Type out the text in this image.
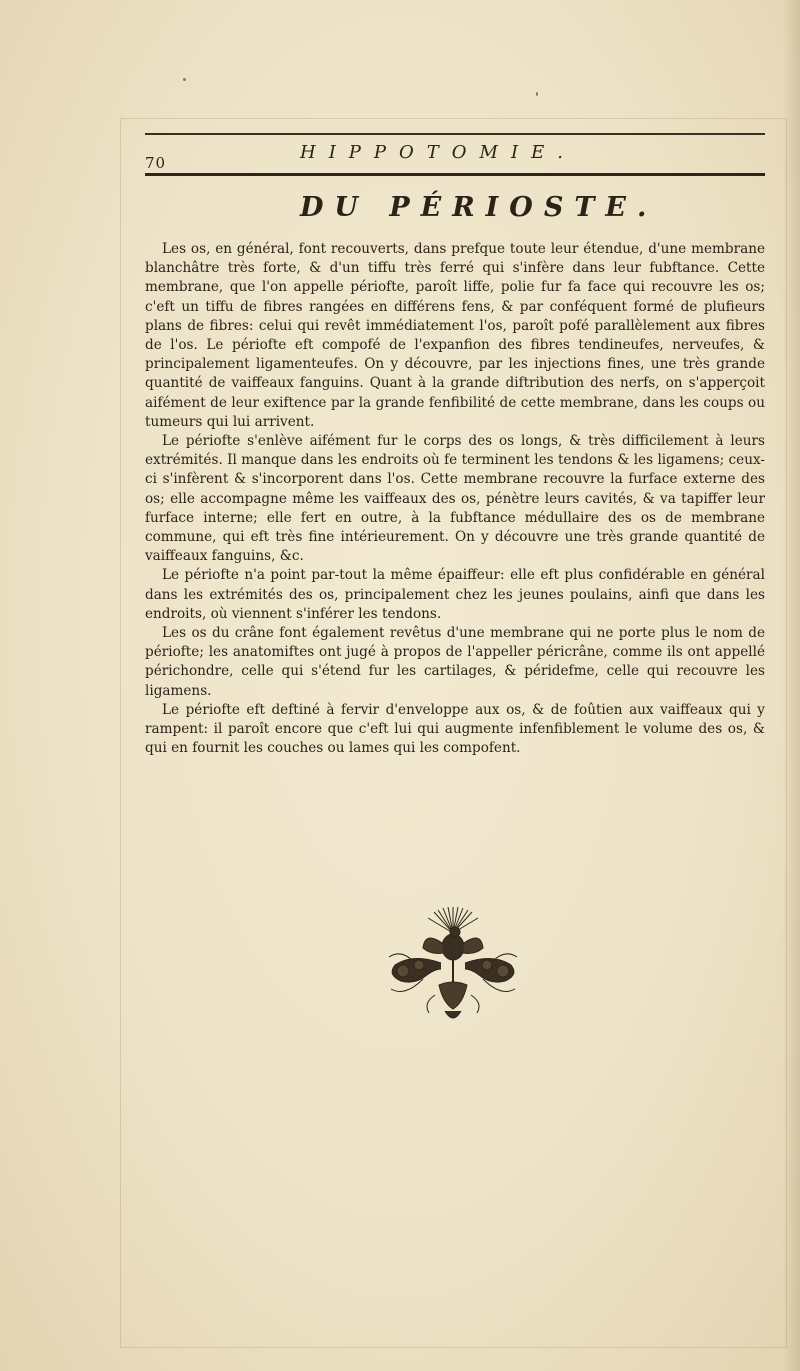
70	HIPPOTOMIE.
DU PÉRIOSTE.

Les os, en général, font recouverts, dans prefque toute leur étendue, d'une membrane blanchâtre très forte, & d'un tiffu très ferré qui s'infère dans leur fubftance. Cette membrane, que l'on appelle périofte, paroît liffe, polie fur fa face qui recouvre les os; c'eft un tiffu de fibres rangées en différens fens, & par conféquent formé de plufieurs plans de fibres: celui qui revêt immédiatement l'os, paroît pofé parallèlement aux fibres de l'os. Le périofte eft compofé de l'expanfion des fibres tendineufes, nerveufes, & principalement ligamenteufes. On y découvre, par les injections fines, une très grande quantité de vaiffeaux fanguins. Quant à la grande diftribution des nerfs, on s'apperçoit aifément de leur exiftence par la grande fenfibilité de cette membrane, dans les coups ou tumeurs qui lui arrivent.

Le périofte s'enlève aifément fur le corps des os longs, & très difficilement à leurs extrémités. Il manque dans les endroits où fe terminent les tendons & les ligamens; ceux-ci s'infèrent & s'incorporent dans l'os. Cette membrane recouvre la furface externe des os; elle accompagne même les vaiffeaux des os, pénètre leurs cavités, & va tapiffer leur furface interne; elle fert en outre, à la fubftance médullaire des os de membrane commune, qui eft très fine intérieurement. On y découvre une très grande quantité de vaiffeaux fanguins, &c.

Le périofte n'a point par-tout la même épaiffeur: elle eft plus confidérable en général dans les extrémités des os, principalement chez les jeunes poulains, ainfi que dans les endroits, où viennent s'inférer les tendons.

Les os du crâne font également revêtus d'une membrane qui ne porte plus le nom de périofte; les anatomiftes ont jugé à propos de l'appeller péricrâne, comme ils ont appellé périchondre, celle qui s'étend fur les cartilages, & péridefme, celle qui recouvre les ligamens.

Le périofte eft deftiné à fervir d'enveloppe aux os, & de foûtien aux vaiffeaux qui y rampent: il paroît encore que c'eft lui qui augmente infenfiblement le volume des os, & qui en fournit les couches ou lames qui les compofent.
